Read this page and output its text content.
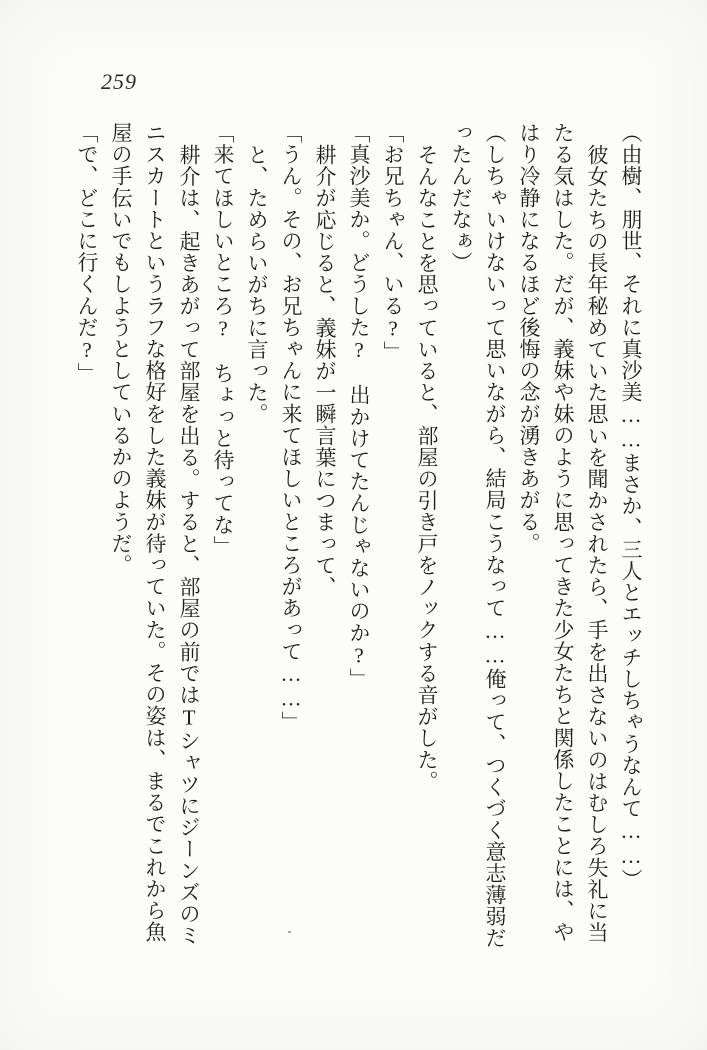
259

（由樹、朋世、それに真沙美……まさか、三人とエッチしちゃうなんて……）

彼女たちの長年秘めていた思いを聞かされたら、手を出さないのはむしろ失礼に当

たる気はした。だが、義妹や妹のように思ってきた少女たちと関係したことには、や

はり冷静になるほど後悔の念が湧きあがる。

（しちゃいけないって思いながら、結局こうなって……俺って、つくづく意志薄弱だ

ったんだなぁ）

そんなことを思っていると、部屋の引き戸をノックする音がした。

「お兄ちゃん、いる?」

「真沙美か。どうした?　出かけてたんじゃないのか?」

耕介が応じると、義妹が一瞬言葉につまって、

「うん。その、お兄ちゃんに来てほしいところがあって……」

と、ためらいがちに言った。

「来てほしいところ?　ちょっと待ってな」

耕介は、起きあがって部屋を出る。すると、部屋の前ではTシャツにジーンズのミ

ニスカートというラフな格好をした義妹が待っていた。その姿は、まるでこれから魚

屋の手伝いでもしようとしているかのようだ。

「で、どこに行くんだ?」
